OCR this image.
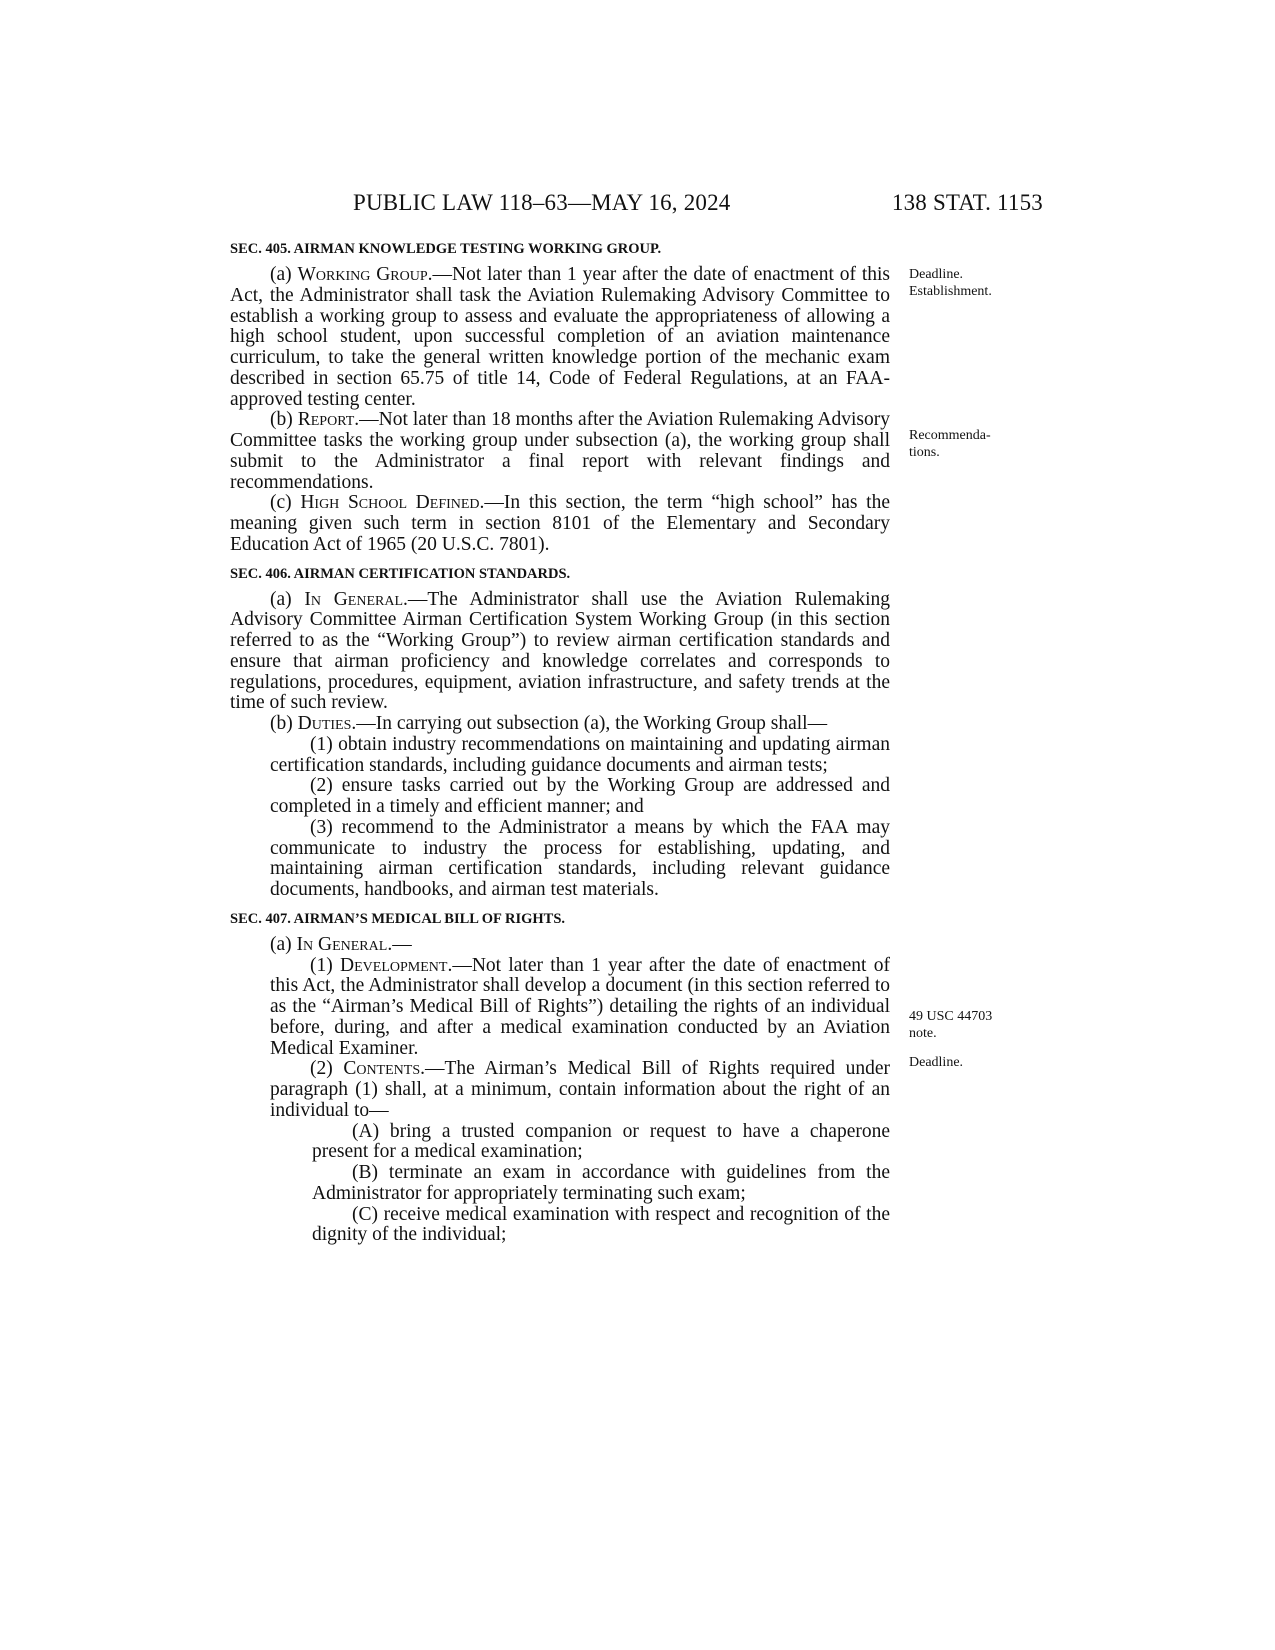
PUBLIC LAW 118–63—MAY 16, 2024	138 STAT. 1153
SEC. 405. AIRMAN KNOWLEDGE TESTING WORKING GROUP.

(a) Working Group.—Not later than 1 year after the date of enactment of this Act, the Administrator shall task the Aviation Rulemaking Advisory Committee to establish a working group to assess and evaluate the appropriateness of allowing a high school student, upon successful completion of an aviation maintenance curriculum, to take the general written knowledge portion of the mechanic exam described in section 65.75 of title 14, Code of Federal Regulations, at an FAA-approved testing center.

(b) Report.—Not later than 18 months after the Aviation Rulemaking Advisory Committee tasks the working group under subsection (a), the working group shall submit to the Administrator a final report with relevant findings and recommendations.

(c) High School Defined.—In this section, the term “high school” has the meaning given such term in section 8101 of the Elementary and Secondary Education Act of 1965 (20 U.S.C. 7801).

SEC. 406. AIRMAN CERTIFICATION STANDARDS.

(a) In General.—The Administrator shall use the Aviation Rulemaking Advisory Committee Airman Certification System Working Group (in this section referred to as the “Working Group”) to review airman certification standards and ensure that airman proficiency and knowledge correlates and corresponds to regulations, procedures, equipment, aviation infrastructure, and safety trends at the time of such review.

(b) Duties.—In carrying out subsection (a), the Working Group shall—

(1) obtain industry recommendations on maintaining and updating airman certification standards, including guidance documents and airman tests;

(2) ensure tasks carried out by the Working Group are addressed and completed in a timely and efficient manner; and

(3) recommend to the Administrator a means by which the FAA may communicate to industry the process for establishing, updating, and maintaining airman certification standards, including relevant guidance documents, handbooks, and airman test materials.

SEC. 407. AIRMAN’S MEDICAL BILL OF RIGHTS.

(a) In General.—

(1) Development.—Not later than 1 year after the date of enactment of this Act, the Administrator shall develop a document (in this section referred to as the “Airman’s Medical Bill of Rights”) detailing the rights of an individual before, during, and after a medical examination conducted by an Aviation Medical Examiner.

(2) Contents.—The Airman’s Medical Bill of Rights required under paragraph (1) shall, at a minimum, contain information about the right of an individual to—

(A) bring a trusted companion or request to have a chaperone present for a medical examination;

(B) terminate an exam in accordance with guidelines from the Administrator for appropriately terminating such exam;

(C) receive medical examination with respect and recognition of the dignity of the individual;

Deadline.
Establishment.
Recommenda-
tions.
49 USC 44703
note.
Deadline.
